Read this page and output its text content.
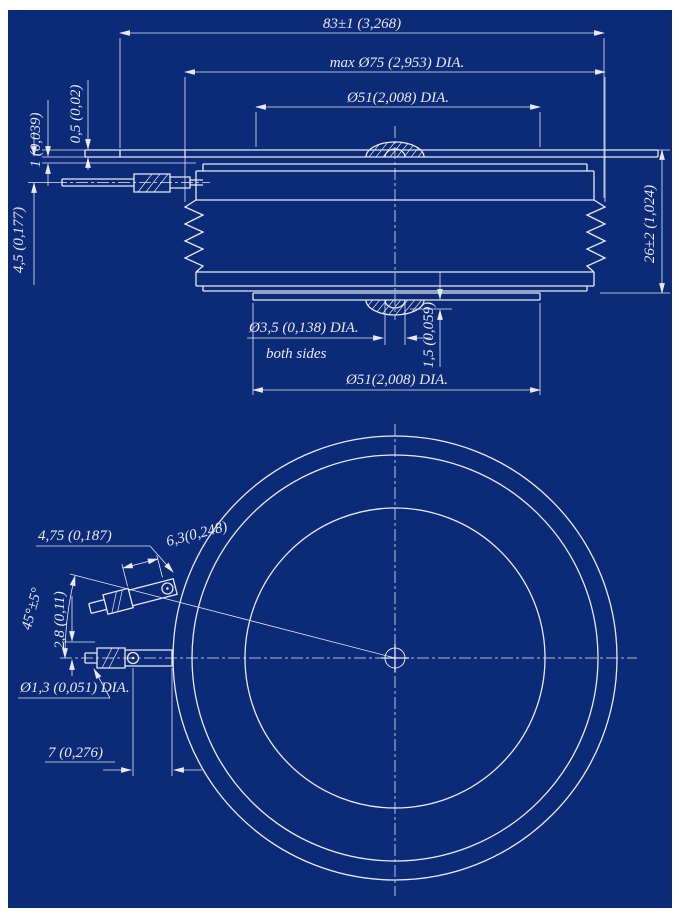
83±1 (3,268)
max Ø75 (2,953) DIA.
Ø51(2,008) DIA.
26±2 (1,024)
0,5 (0,02)
1 (0,039)
4,5 (0,177)
Ø3,5 (0,138) DIA.
both sides	1,5 (0,059)
Ø51(2,008) DIA.
6,3(0,248)
4,75 (0,187)
45°±5° 2,8 (0,11)
Ø1,3 (0,051) DIA.
7 (0,276)
